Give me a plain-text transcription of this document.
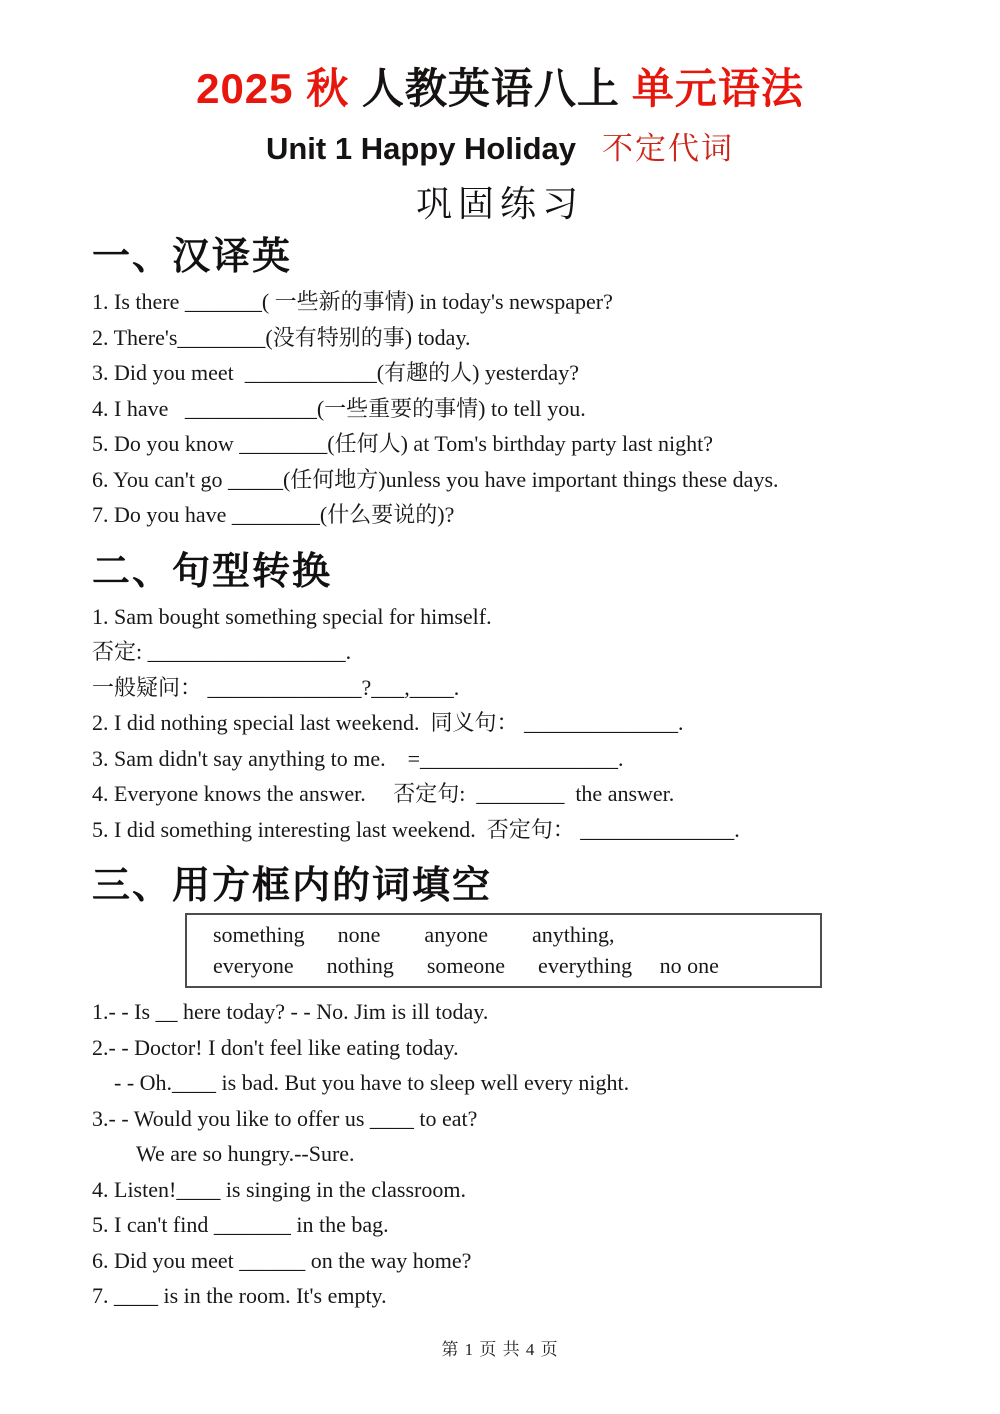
2025 秋 人教英语八上 单元语法
Unit 1 Happy Holiday 不定代词
巩固练习
一、汉译英

1. Is there _______( 一些新的事情) in today's newspaper?

2. There's________(没有特别的事) today.

3. Did you meet  ____________(有趣的人) yesterday?

4. I have   ____________(一些重要的事情) to tell you.

5. Do you know ________(任何人) at Tom's birthday party last night?

6. You can't go _____(任何地方)unless you have important things these days.

7. Do you have ________(什么要说的)?

二、句型转换

1. Sam bought something special for himself.

否定: __________________.

一般疑问： ______________?___,____.

2. I did nothing special last weekend.  同义句： ______________.

3. Sam didn't say anything to me.    =__________________.

4. Everyone knows the answer.     否定句:  ________  the answer.

5. I did something interesting last weekend.  否定句： ______________.

三、用方框内的词填空
something      none        anyone        anything,
everyone      nothing      someone      everything     no one

1.- - Is __ here today? - - No. Jim is ill today.

2.- - Doctor! I don't feel like eating today.

- - Oh.____ is bad. But you have to sleep well every night.

3.- - Would you like to offer us ____ to eat?

We are so hungry.--Sure.

4. Listen!____ is singing in the classroom.

5. I can't find _______ in the bag.

6. Did you meet ______ on the way home?

7. ____ is in the room. It's empty.

第 1 页 共 4 页
